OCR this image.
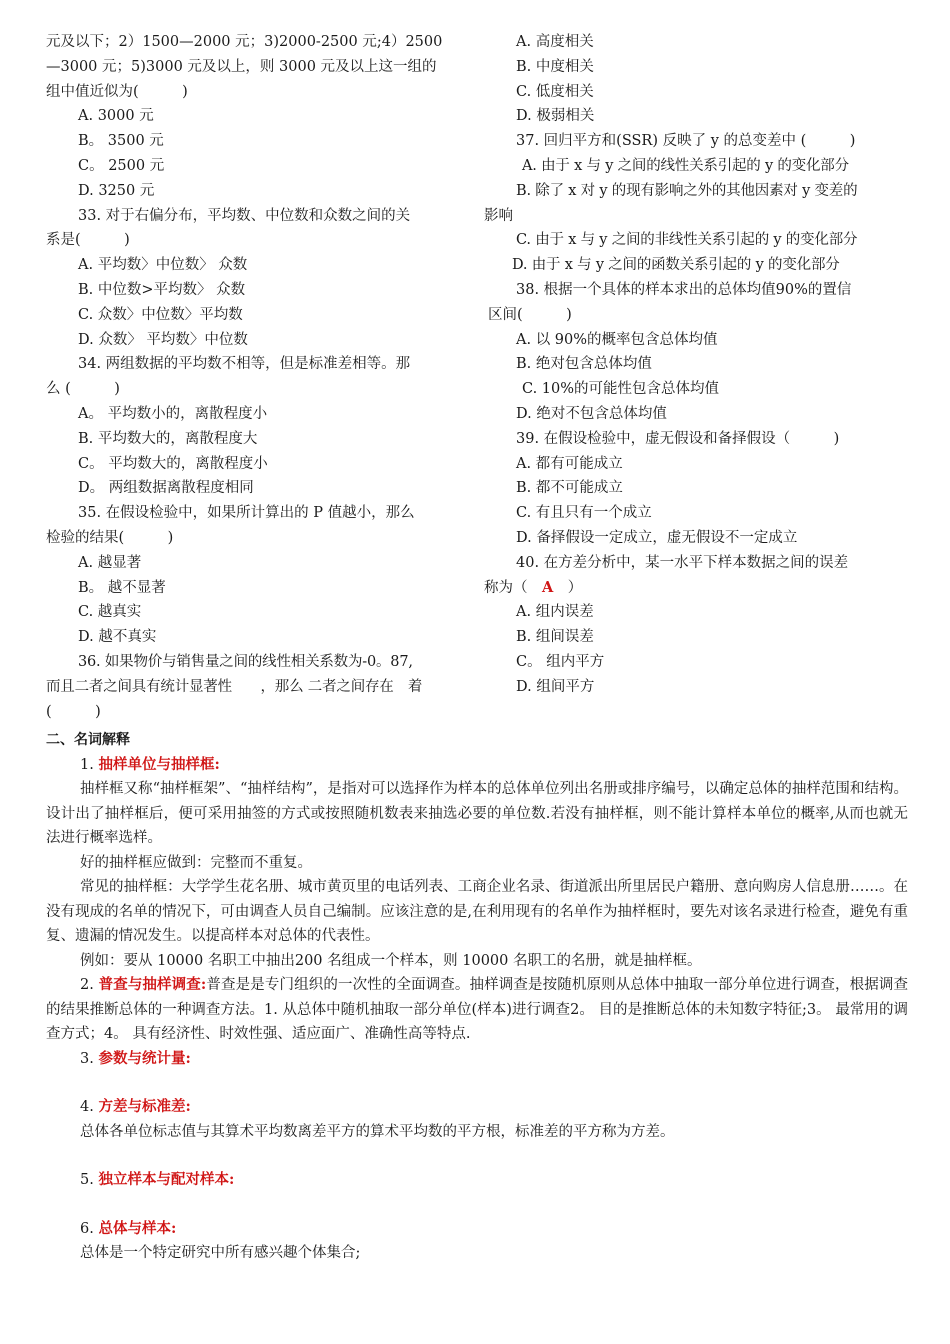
元及以下；2）1500—2000 元；3)2000-2500 元;4）2500

—3000 元；5)3000 元及以上，则 3000 元及以上这一组的

组中值近似为(　　　)

A. 3000 元

B。 3500 元

C。 2500 元

D. 3250 元

33. 对于右偏分布，平均数、中位数和众数之间的关

系是(　　　)

A. 平均数〉中位数〉 众数

B. 中位数>平均数〉 众数

C. 众数〉中位数〉平均数

D. 众数〉 平均数〉中位数

34. 两组数据的平均数不相等，但是标准差相等。那

么 (　　　)

A。 平均数小的，离散程度小

B. 平均数大的，离散程度大

C。 平均数大的，离散程度小

D。 两组数据离散程度相同

35. 在假设检验中，如果所计算出的 P 值越小，那么

检验的结果(　　　)

A. 越显著

B。 越不显著

C. 越真实

D. 越不真实

36. 如果物价与销售量之间的线性相关系数为-0。87,

而且二者之间具有统计显著性　　，那么 二者之间存在　着

(　　　)

A. 高度相关

B. 中度相关

C. 低度相关

D. 极弱相关

37. 回归平方和(SSR) 反映了 y 的总变差中 (　　　)

A. 由于 x 与 y 之间的线性关系引起的 y 的变化部分

B. 除了 x 对 y 的现有影响之外的其他因素对 y 变差的

影响

C. 由于 x 与 y 之间的非线性关系引起的 y 的变化部分

D. 由于 x 与 y 之间的函数关系引起的 y 的变化部分

38. 根据一个具体的样本求出的总体均值90%的置信

区间(　　　)

A. 以 90%的概率包含总体均值

B. 绝对包含总体均值

C. 10%的可能性包含总体均值

D. 绝对不包含总体均值

39. 在假设检验中，虚无假设和备择假设（　　　)

A. 都有可能成立

B. 都不可能成立

C. 有且只有一个成立

D. 备择假设一定成立，虚无假设不一定成立

40. 在方差分析中，某一水平下样本数据之间的误差

称为（　A　）

A. 组内误差

B. 组间误差

C。 组内平方

D. 组间平方

二、名词解释

1. 抽样单位与抽样框:

抽样框又称“抽样框架”、“抽样结构”，是指对可以选择作为样本的总体单位列出名册或排序编号，以确定总体的抽样范围和结构。设计出了抽样框后，便可采用抽签的方式或按照随机数表来抽选必要的单位数.若没有抽样框，则不能计算样本单位的概率,从而也就无法进行概率选样。

好的抽样框应做到：完整而不重复。

常见的抽样框：大学学生花名册、城市黄页里的电话列表、工商企业名录、街道派出所里居民户籍册、意向购房人信息册……。在没有现成的名单的情况下，可由调查人员自己编制。应该注意的是,在利用现有的名单作为抽样框时，要先对该名录进行检查，避免有重复、遗漏的情况发生。以提高样本对总体的代表性。

例如：要从 10000 名职工中抽出200 名组成一个样本，则 10000 名职工的名册，就是抽样框。

2. 普查与抽样调查:普查是是专门组织的一次性的全面调查。抽样调查是按随机原则从总体中抽取一部分单位进行调查，根据调查的结果推断总体的一种调查方法。1. 从总体中随机抽取一部分单位(样本)进行调查2。 目的是推断总体的未知数字特征;3。 最常用的调查方式；4。 具有经济性、时效性强、适应面广、准确性高等特点.

3. 参数与统计量:

4. 方差与标准差:

总体各单位标志值与其算术平均数离差平方的算术平均数的平方根，标准差的平方称为方差。

5. 独立样本与配对样本:

6. 总体与样本:

总体是一个特定研究中所有感兴趣个体集合;
